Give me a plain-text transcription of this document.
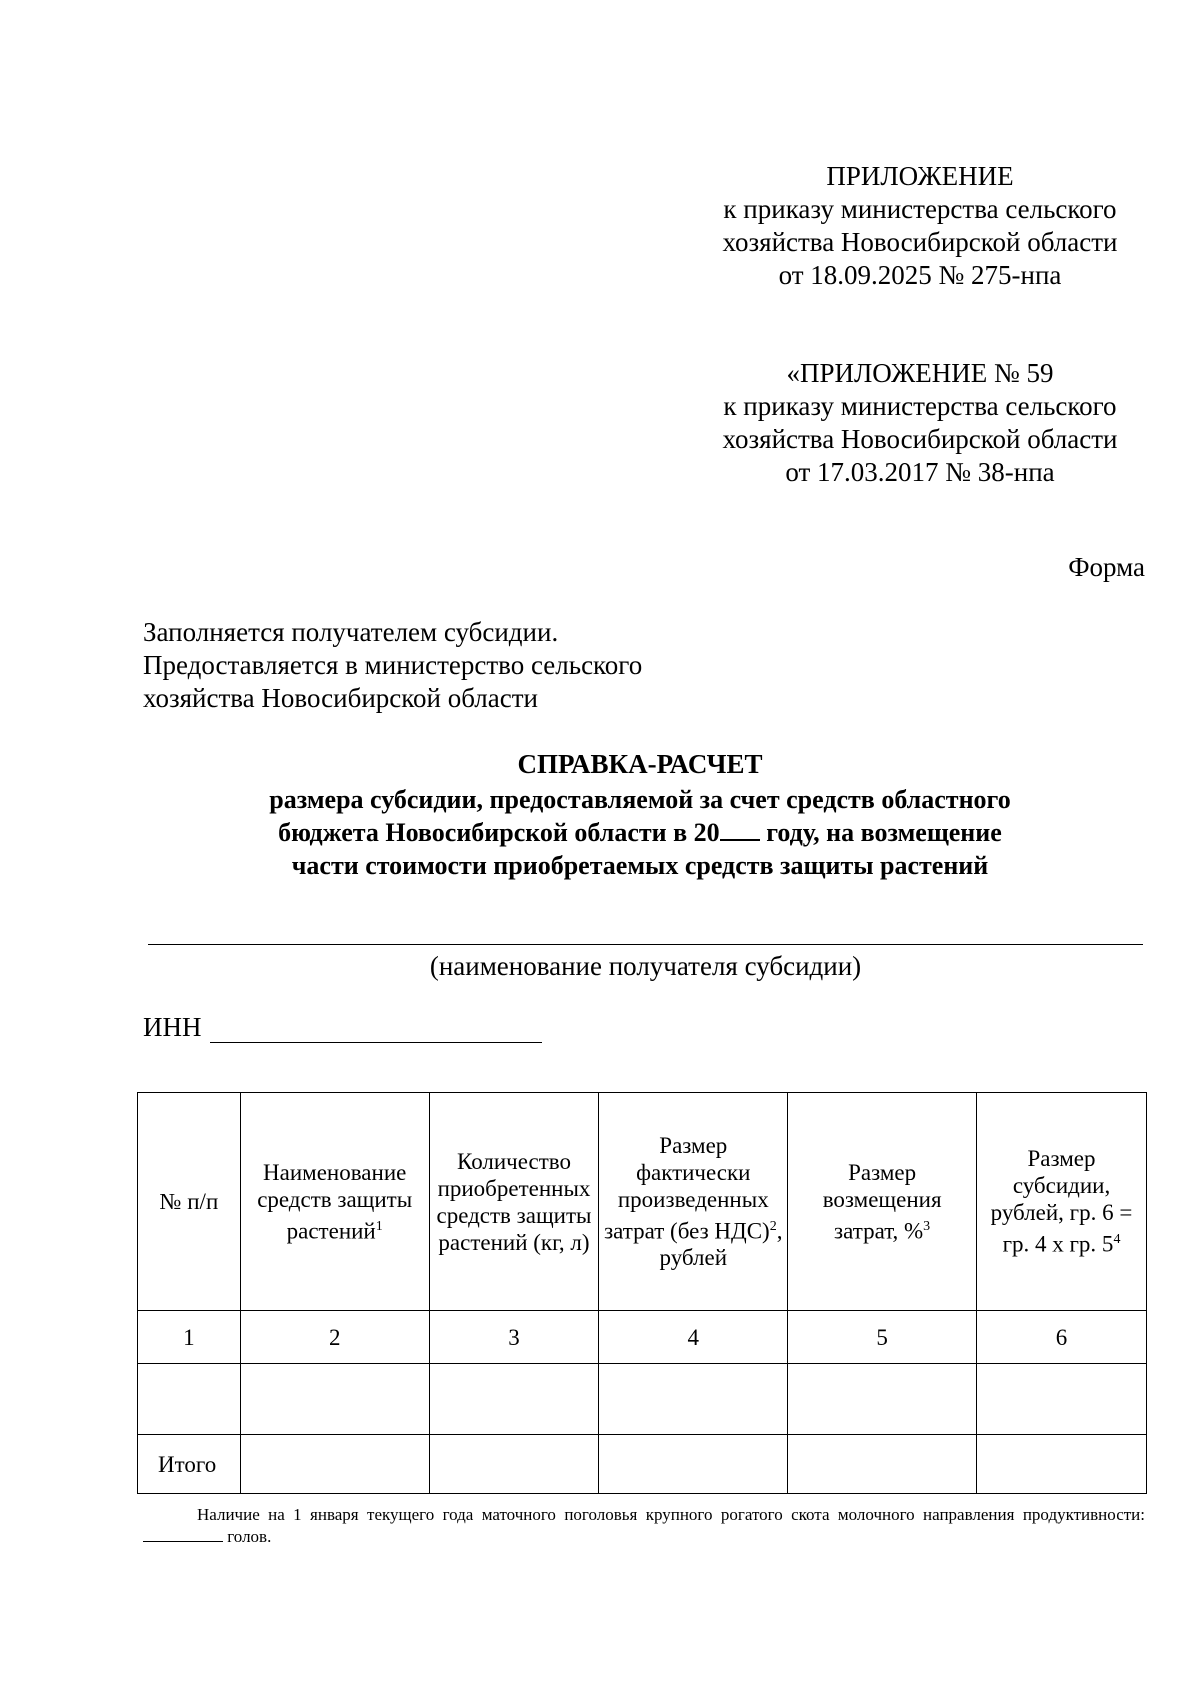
ПРИЛОЖЕНИЕ
к приказу министерства сельского
хозяйства Новосибирской области
от 18.09.2025 № 275-нпа
«ПРИЛОЖЕНИЕ № 59
к приказу министерства сельского
хозяйства Новосибирской области
от 17.03.2017 № 38-нпа
Форма
Заполняется получателем субсидии.
Предоставляется в министерство сельского
хозяйства Новосибирской области
СПРАВКА-РАСЧЕТ
размера субсидии, предоставляемой за счет средств областного
бюджета Новосибирской области в 20 году, на возмещение
части стоимости приобретаемых средств защиты растений
(наименование получателя субсидии)
ИНН
№ п/п	Наименование средств защиты растений$^1$	Количество приобретенных средств защиты растений (кг, л)	Размер фактически произведенных затрат (без НДС)$^2$, рублей	Размер возмещения затрат, %$^3$	Размер субсидии, рублей, гр. 6 = гр. 4 х гр. $5^4$
1	2	3	4	5	6

Итого					
Наличие на 1 января текущего года маточного поголовья крупного рогатого скота молочного направления продуктивности:  голов.
